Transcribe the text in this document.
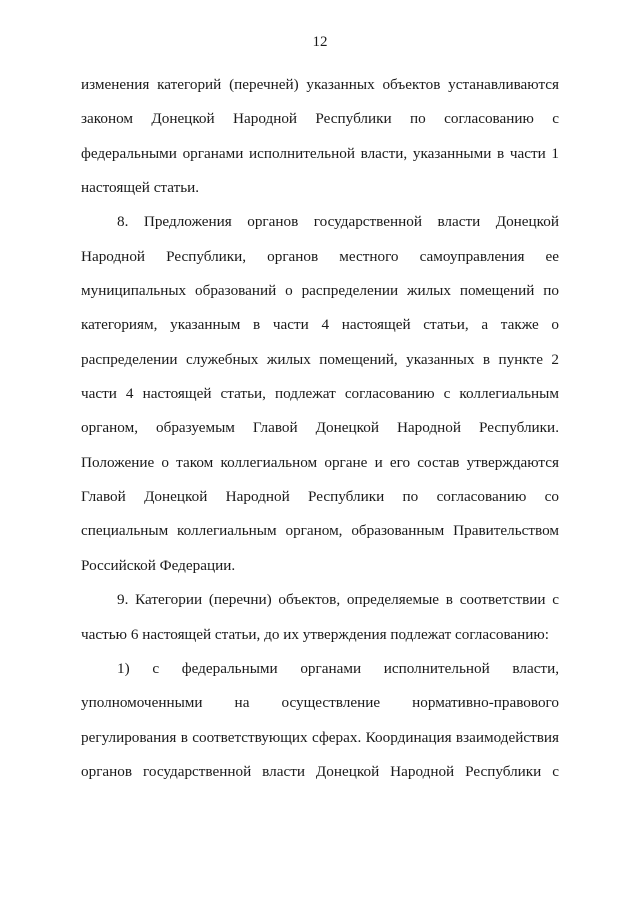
12
изменения категорий (перечней) указанных объектов устанавливаются
законом Донецкой Народной Республики по согласованию с
федеральными органами исполнительной власти, указанными в части 1
настоящей статьи.
8. Предложения органов государственной власти Донецкой
Народной Республики, органов местного самоуправления ее
муниципальных образований о распределении жилых помещений по
категориям, указанным в части 4 настоящей статьи, а также о
распределении служебных жилых помещений, указанных в пункте 2
части 4 настоящей статьи, подлежат согласованию с коллегиальным
органом, образуемым Главой Донецкой Народной Республики.
Положение о таком коллегиальном органе и его состав утверждаются
Главой Донецкой Народной Республики по согласованию со
специальным коллегиальным органом, образованным Правительством
Российской Федерации.
9. Категории (перечни) объектов, определяемые в соответствии с
частью 6 настоящей статьи, до их утверждения подлежат согласованию:
1) с федеральными органами исполнительной власти,
уполномоченными на осуществление нормативно-правового
регулирования в соответствующих сферах. Координация взаимодействия
органов государственной власти Донецкой Народной Республики с
